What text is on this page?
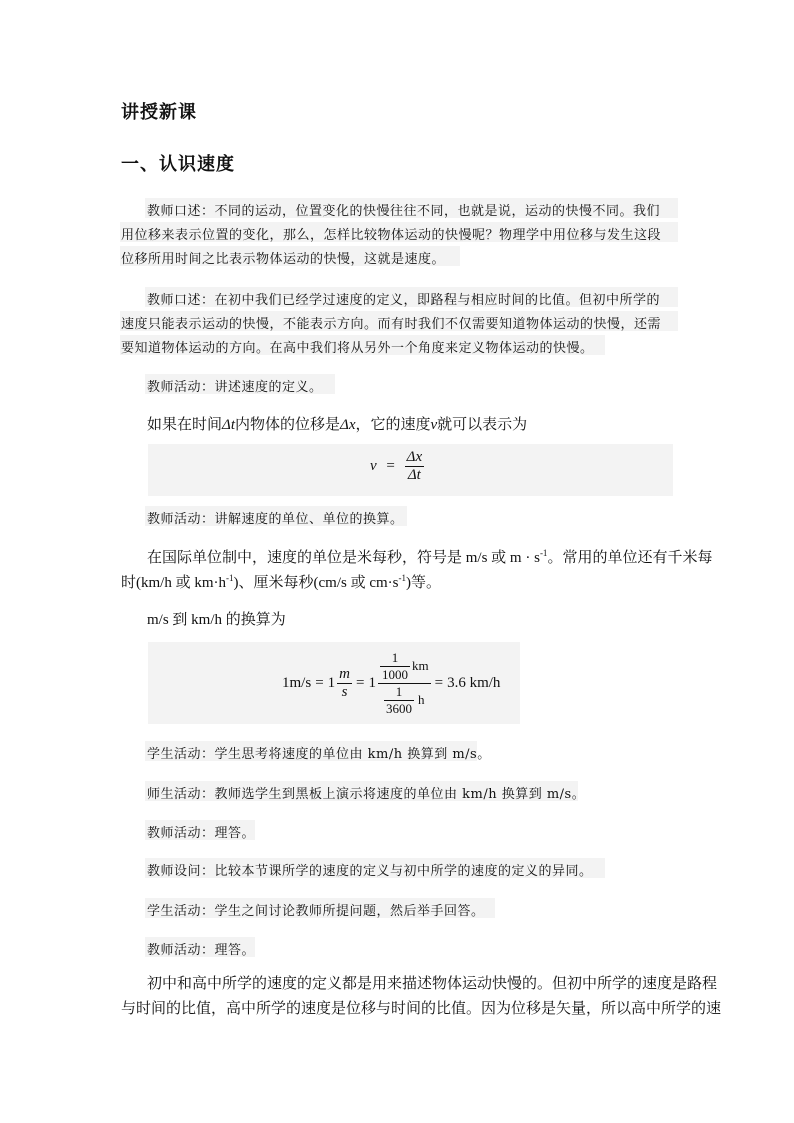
讲授新课
一、认识速度
教师口述：不同的运动，位置变化的快慢往往不同，也就是说，运动的快慢不同。我们
用位移来表示位置的变化，那么，怎样比较物体运动的快慢呢？物理学中用位移与发生这段
位移所用时间之比表示物体运动的快慢，这就是速度。
教师口述：在初中我们已经学过速度的定义，即路程与相应时间的比值。但初中所学的
速度只能表示运动的快慢，不能表示方向。而有时我们不仅需要知道物体运动的快慢，还需
要知道物体运动的方向。在高中我们将从另外一个角度来定义物体运动的快慢。
教师活动：讲述速度的定义。
如果在时间Δt内物体的位移是Δx，它的速度v就可以表示为
$v = \frac{\Delta x}{\Delta t}$
教师活动：讲解速度的单位、单位的换算。
在国际单位制中，速度的单位是米每秒，符号是 m/s 或 $m \cdot s^{-1}$。常用的单位还有千米每
时(km/h 或 $km\cdot h^{-1}$)、厘米每秒(cm/s 或 $cm\cdot s^{-1}$)等。
m/s 到 km/h 的换算为
$1m/s = 1 \frac{m}{s} = 1 \frac{\frac{1}{1000} km}{\frac{1}{3600} h} = 3.6$ km/h
学生活动：学生思考将速度的单位由 km/h 换算到 m/s。
师生活动：教师选学生到黑板上演示将速度的单位由 km/h 换算到 m/s。
教师活动：理答。
教师设问：比较本节课所学的速度的定义与初中所学的速度的定义的异同。
学生活动：学生之间讨论教师所提问题，然后举手回答。
教师活动：理答。
初中和高中所学的速度的定义都是用来描述物体运动快慢的。但初中所学的速度是路程
与时间的比值，高中所学的速度是位移与时间的比值。因为位移是矢量，所以高中所学的速
